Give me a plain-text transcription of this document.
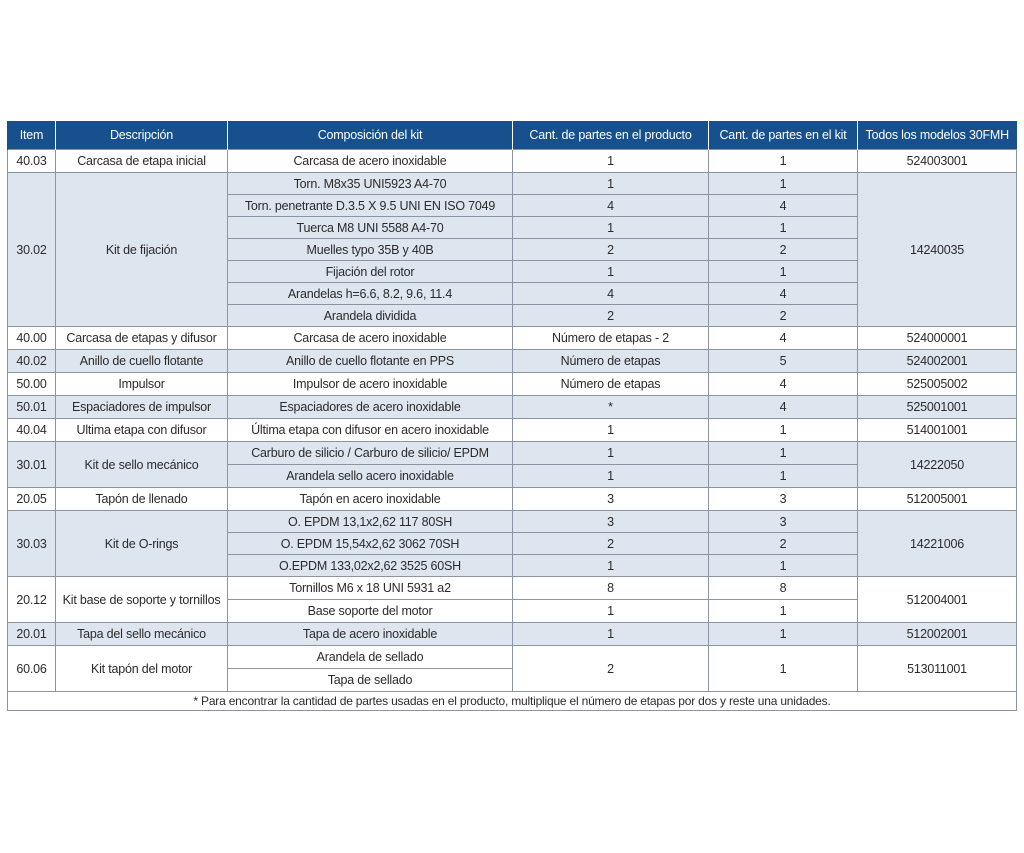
Item	Descripción	Composición del kit	Cant. de partes en el producto	Cant. de partes en el kit	Todos los modelos 30FMH
40.03	Carcasa de etapa inicial	Carcasa de acero inoxidable	1	1	524003001
30.02	Kit de fijación	Torn. M8x35 UNI5923 A4-70	1	1	14240035
		Torn. penetrante D.3.5 X 9.5 UNI EN ISO 7049	4	4	
		Tuerca M8 UNI 5588 A4-70	1	1	
		Muelles typo 35B y 40B	2	2	
		Fijación del rotor	1	1	
		Arandelas h=6.6, 8.2, 9.6, 11.4	4	4	
		Arandela dividida	2	2	
40.00	Carcasa de etapas y difusor	Carcasa de acero inoxidable	Número de etapas - 2	4	524000001
40.02	Anillo de cuello flotante	Anillo de cuello flotante en PPS	Número de etapas	5	524002001
50.00	Impulsor	Impulsor de acero inoxidable	Número de etapas	4	525005002
50.01	Espaciadores de impulsor	Espaciadores de acero inoxidable	*	4	525001001
40.04	Ultima etapa con difusor	Última etapa con difusor en acero inoxidable	1	1	514001001
30.01	Kit de sello mecánico	Carburo de silicio / Carburo de silicio/ EPDM	1	1	14222050
		Arandela sello acero inoxidable	1	1	
20.05	Tapón de llenado	Tapón en acero inoxidable	3	3	512005001
30.03	Kit de O-rings	O. EPDM 13,1x2,62 117 80SH	3	3	14221006
		O. EPDM 15,54x2,62 3062 70SH	2	2	
		O.EPDM 133,02x2,62 3525 60SH	1	1	
20.12	Kit base de soporte y tornillos	Tornillos M6 x 18 UNI 5931 a2	8	8	512004001
		Base soporte del motor	1	1	
20.01	Tapa del sello mecánico	Tapa de acero inoxidable	1	1	512002001
60.06	Kit tapón del motor	Arandela de sellado	2	1	513011001
		Tapa de sellado			
* Para encontrar la cantidad de partes usadas en el producto, multiplique el número de etapas por dos y reste una unidades.					
